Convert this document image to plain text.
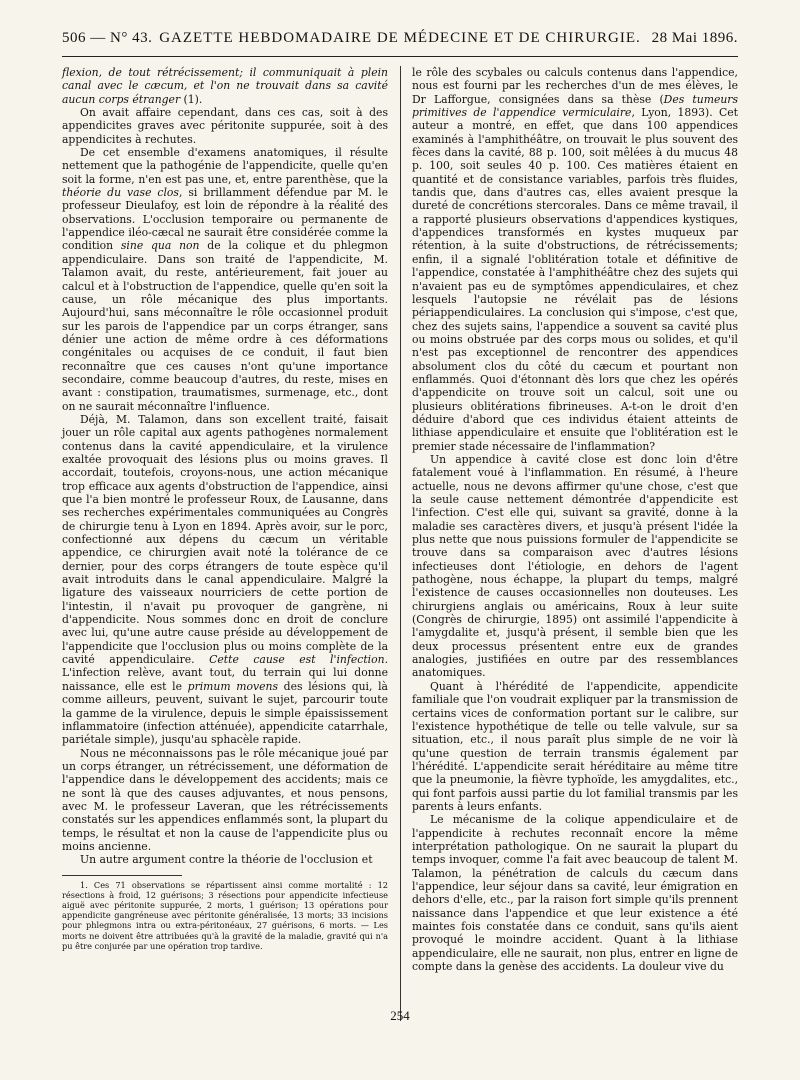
506 — N° 43. GAZETTE HEBDOMADAIRE DE MÉDECINE ET DE CHIRURGIE. 28 Mai 1896.

flexion, de tout rétrécissement; il communiquait à plein canal avec le cæcum, et l'on ne trouvait dans sa cavité aucun corps étranger (1).

On avait affaire cependant, dans ces cas, soit à des appendicites graves avec péritonite suppurée, soit à des appendicites à rechutes.

De cet ensemble d'examens anatomiques, il résulte nettement que la pathogénie de l'appendicite, quelle qu'en soit la forme, n'en est pas une, et, entre parenthèse, que la théorie du vase clos, si brillamment défendue par M. le professeur Dieulafoy, est loin de répondre à la réalité des observations. L'occlusion temporaire ou permanente de l'appendice iléo-cæcal ne saurait être considérée comme la condition sine qua non de la colique et du phlegmon appendiculaire. Dans son traité de l'appendicite, M. Talamon avait, du reste, antérieurement, fait jouer au calcul et à l'obstruction de l'appendice, quelle qu'en soit la cause, un rôle mécanique des plus importants. Aujourd'hui, sans méconnaître le rôle occasionnel produit sur les parois de l'appendice par un corps étranger, sans dénier une action de même ordre à ces déformations congénitales ou acquises de ce conduit, il faut bien reconnaître que ces causes n'ont qu'une importance secondaire, comme beaucoup d'autres, du reste, mises en avant : constipation, traumatismes, surmenage, etc., dont on ne saurait méconnaître l'influence.

Déjà, M. Talamon, dans son excellent traité, faisait jouer un rôle capital aux agents pathogènes normalement contenus dans la cavité appendiculaire, et la virulence exaltée provoquait des lésions plus ou moins graves. Il accordait, toutefois, croyons-nous, une action mécanique trop efficace aux agents d'obstruction de l'appendice, ainsi que l'a bien montré le professeur Roux, de Lausanne, dans ses recherches expérimentales communiquées au Congrès de chirurgie tenu à Lyon en 1894. Après avoir, sur le porc, confectionné aux dépens du cæcum un véritable appendice, ce chirurgien avait noté la tolérance de ce dernier, pour des corps étrangers de toute espèce qu'il avait introduits dans le canal appendiculaire. Malgré la ligature des vaisseaux nourriciers de cette portion de l'intestin, il n'avait pu provoquer de gangrène, ni d'appendicite. Nous sommes donc en droit de conclure avec lui, qu'une autre cause préside au développement de l'appendicite que l'occlusion plus ou moins complète de la cavité appendiculaire. Cette cause est l'infection. L'infection relève, avant tout, du terrain qui lui donne naissance, elle est le primum movens des lésions qui, là comme ailleurs, peuvent, suivant le sujet, parcourir toute la gamme de la virulence, depuis le simple épaississement inflammatoire (infection atténuée), appendicite catarrhale, pariétale simple), jusqu'au sphacèle rapide.

Nous ne méconnaissons pas le rôle mécanique joué par un corps étranger, un rétrécissement, une déformation de l'appendice dans le développement des accidents; mais ce ne sont là que des causes adjuvantes, et nous pensons, avec M. le professeur Laveran, que les rétrécissements constatés sur les appendices enflammés sont, la plupart du temps, le résultat et non la cause de l'appendicite plus ou moins ancienne.

Un autre argument contre la théorie de l'occlusion et

1. Ces 71 observations se répartissent ainsi comme mortalité : 12 résections à froid, 12 guérisons; 3 résections pour appendicite infectieuse aiguë avec péritonite suppurée, 2 morts, 1 guérison; 13 opérations pour appendicite gangréneuse avec péritonite généralisée, 13 morts; 33 incisions pour phlegmons intra ou extra-péritonéaux, 27 guérisons, 6 morts. — Les morts ne doivent être attribuées qu'à la gravité de la maladie, gravité qui n'a pu être conjurée par une opération trop tardive.

le rôle des scybales ou calculs contenus dans l'appendice, nous est fourni par les recherches d'un de mes élèves, le Dr Lafforgue, consignées dans sa thèse (Des tumeurs primitives de l'appendice vermiculaire, Lyon, 1893). Cet auteur a montré, en effet, que dans 100 appendices examinés à l'amphithéâtre, on trouvait le plus souvent des fèces dans la cavité, 88 p. 100, soit mêlées à du mucus 48 p. 100, soit seules 40 p. 100. Ces matières étaient en quantité et de consistance variables, parfois très fluides, tandis que, dans d'autres cas, elles avaient presque la dureté de concrétions stercorales. Dans ce même travail, il a rapporté plusieurs observations d'appendices kystiques, d'appendices transformés en kystes muqueux par rétention, à la suite d'obstructions, de rétrécissements; enfin, il a signalé l'oblitération totale et définitive de l'appendice, constatée à l'amphithéâtre chez des sujets qui n'avaient pas eu de symptômes appendiculaires, et chez lesquels l'autopsie ne révélait pas de lésions périappendiculaires. La conclusion qui s'impose, c'est que, chez des sujets sains, l'appendice a souvent sa cavité plus ou moins obstruée par des corps mous ou solides, et qu'il n'est pas exceptionnel de rencontrer des appendices absolument clos du côté du cæcum et pourtant non enflammés. Quoi d'étonnant dès lors que chez les opérés d'appendicite on trouve soit un calcul, soit une ou plusieurs oblitérations fibrineuses. A-t-on le droit d'en déduire d'abord que ces individus étaient atteints de lithiase appendiculaire et ensuite que l'oblitération est le premier stade nécessaire de l'inflammation?

Un appendice à cavité close est donc loin d'être fatalement voué à l'inflammation. En résumé, à l'heure actuelle, nous ne devons affirmer qu'une chose, c'est que la seule cause nettement démontrée d'appendicite est l'infection. C'est elle qui, suivant sa gravité, donne à la maladie ses caractères divers, et jusqu'à présent l'idée la plus nette que nous puissions formuler de l'appendicite se trouve dans sa comparaison avec d'autres lésions infectieuses dont l'étiologie, en dehors de l'agent pathogène, nous échappe, la plupart du temps, malgré l'existence de causes occasionnelles non douteuses. Les chirurgiens anglais ou américains, Roux à leur suite (Congrès de chirurgie, 1895) ont assimilé l'appendicite à l'amygdalite et, jusqu'à présent, il semble bien que les deux processus présentent entre eux de grandes analogies, justifiées en outre par des ressemblances anatomiques.

Quant à l'hérédité de l'appendicite, appendicite familiale que l'on voudrait expliquer par la transmission de certains vices de conformation portant sur le calibre, sur l'existence hypothétique de telle ou telle valvule, sur sa situation, etc., il nous paraît plus simple de ne voir là qu'une question de terrain transmis également par l'hérédité. L'appendicite serait héréditaire au même titre que la pneumonie, la fièvre typhoïde, les amygdalites, etc., qui font parfois aussi partie du lot familial transmis par les parents à leurs enfants.

Le mécanisme de la colique appendiculaire et de l'appendicite à rechutes reconnaît encore la même interprétation pathologique. On ne saurait la plupart du temps invoquer, comme l'a fait avec beaucoup de talent M. Talamon, la pénétration de calculs du cæcum dans l'appendice, leur séjour dans sa cavité, leur émigration en dehors d'elle, etc., par la raison fort simple qu'ils prennent naissance dans l'appendice et que leur existence a été maintes fois constatée dans ce conduit, sans qu'ils aient provoqué le moindre accident. Quant à la lithiase appendiculaire, elle ne saurait, non plus, entrer en ligne de compte dans la genèse des accidents. La douleur vive du

254
